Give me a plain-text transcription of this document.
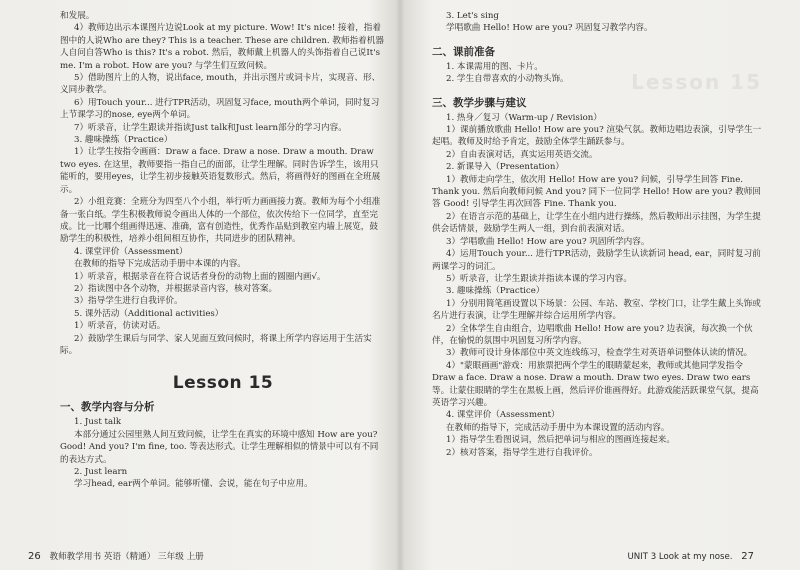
和发展。

4）教师边出示本课图片边说Look at my picture. Wow! It's nice! 接着，指着图中的人说Who are they? This is a teacher. These are children. 教师指着机器人自问自答Who is this? It's a robot. 然后，教师戴上机器人的头饰指着自己说It's me. I'm a robot. How are you? 与学生们互致问候。

5）借助图片上的人物，说出face, mouth，并出示图片或词卡片，实现音、形、义同步教学。

6）用Touch your... 进行TPR活动，巩固复习face, mouth两个单词，同时复习上节课学习的nose, eye两个单词。

7）听录音，让学生跟读并指读Just talk和Just learn部分的学习内容。

3. 趣味操练（Practice）

1）让学生按指令画画：Draw a face. Draw a nose. Draw a mouth. Draw two eyes. 在这里，教师要指一指自己的面部，让学生理解。同时告诉学生，该用只能听的，要用eyes，让学生初步接触英语复数形式。然后，将画得好的图画在全班展示。

2）小组竞赛：全班分为四至八个小组，举行听力画画接力赛。教师为每个小组准备一张白纸。学生积极教师说令画出人体的一个部位，依次传给下一位同学，直至完成。比一比哪个组画得迅速、准确，富有创造性，优秀作品贴到教室内墙上展览，鼓励学生的积极性，培养小组间相互协作，共同进步的团队精神。

4. 课堂评价（Assessment）

在教师的指导下完成活动手册中本课的内容。

1）听录音，根据录音在符合说话者身份的动物上面的圆圈内画√。

2）指读图中各个动物，并根据录音内容，核对答案。

3）指导学生进行自我评价。

5. 课外活动（Additional activities）

1）听录音，仿读对话。

2）鼓励学生课后与同学、家人见面互致问候时，将课上所学内容运用于生活实际。

Lesson 15
一、教学内容与分析

1. Just talk

本部分通过公园里熟人间互致问候，让学生在真实的环境中感知 How are you? Good! And you? I'm fine, too. 等表达形式。让学生理解相似的情景中可以有不同的表达方式。

2. Just learn

学习head, ear两个单词。能够听懂、会说，能在句子中应用。

26 教师教学用书 英语（精通） 三年级 上册
Lesson 15

3. Let's sing

学唱歌曲 Hello! How are you? 巩固复习教学内容。

二、课前准备

1. 本课需用的图、卡片。

2. 学生自带喜欢的小动物头饰。

三、教学步骤与建议

1. 热身／复习（Warm-up / Revision）

1）课前播放歌曲 Hello! How are you? 渲染气氛。教师边唱边表演，引导学生一起唱。教师及时给予肯定，鼓励全体学生踊跃参与。

2）自由表演对话，真实运用英语交流。

2. 新课导入（Presentation）

1）教师走向学生，依次用 Hello! How are you? 问候，引导学生回答 Fine. Thank you. 然后向教师问候 And you? 同下一位同学 Hello! How are you? 教师回答 Good! 引导学生再次回答 Fine. Thank you.

2）在语言示范的基础上，让学生在小组内进行操练，然后教师出示挂图，为学生提供会话情景，鼓励学生两人一组，到台前表演对话。

3）学唱歌曲 Hello! How are you? 巩固所学内容。

4）运用Touch your... 进行TPR活动，鼓励学生认读新词 head, ear，同时复习前两课学习的词汇。

5）听录音，让学生跟读并指读本课的学习内容。

3. 趣味操练（Practice）

1）分别用简笔画设置以下场景：公园、车站、教室、学校门口，让学生戴上头饰或名片进行表演，让学生理解并综合运用所学内容。

2）全体学生自由组合，边唱歌曲 Hello! How are you? 边表演，每次换一个伙伴，在愉悦的氛围中巩固复习所学内容。

3）教师可设计身体部位中英文连线练习，检查学生对英语单词整体认读的情况。

4）"蒙眼画画"游戏：用旅票把两个学生的眼睛蒙起来，教师或其他同学发指令 Draw a face. Draw a nose. Draw a mouth. Draw two eyes. Draw two ears 等。让蒙住眼睛的学生在黑板上画，然后评价谁画得好。此游戏能活跃课堂气氛，提高英语学习兴趣。

4. 课堂评价（Assessment）

在教师的指导下，完成活动手册中为本课设置的活动内容。

1）指导学生看图说词，然后把单词与相应的图画连接起来。

2）核对答案，指导学生进行自我评价。

UNIT 3 Look at my nose. 27
